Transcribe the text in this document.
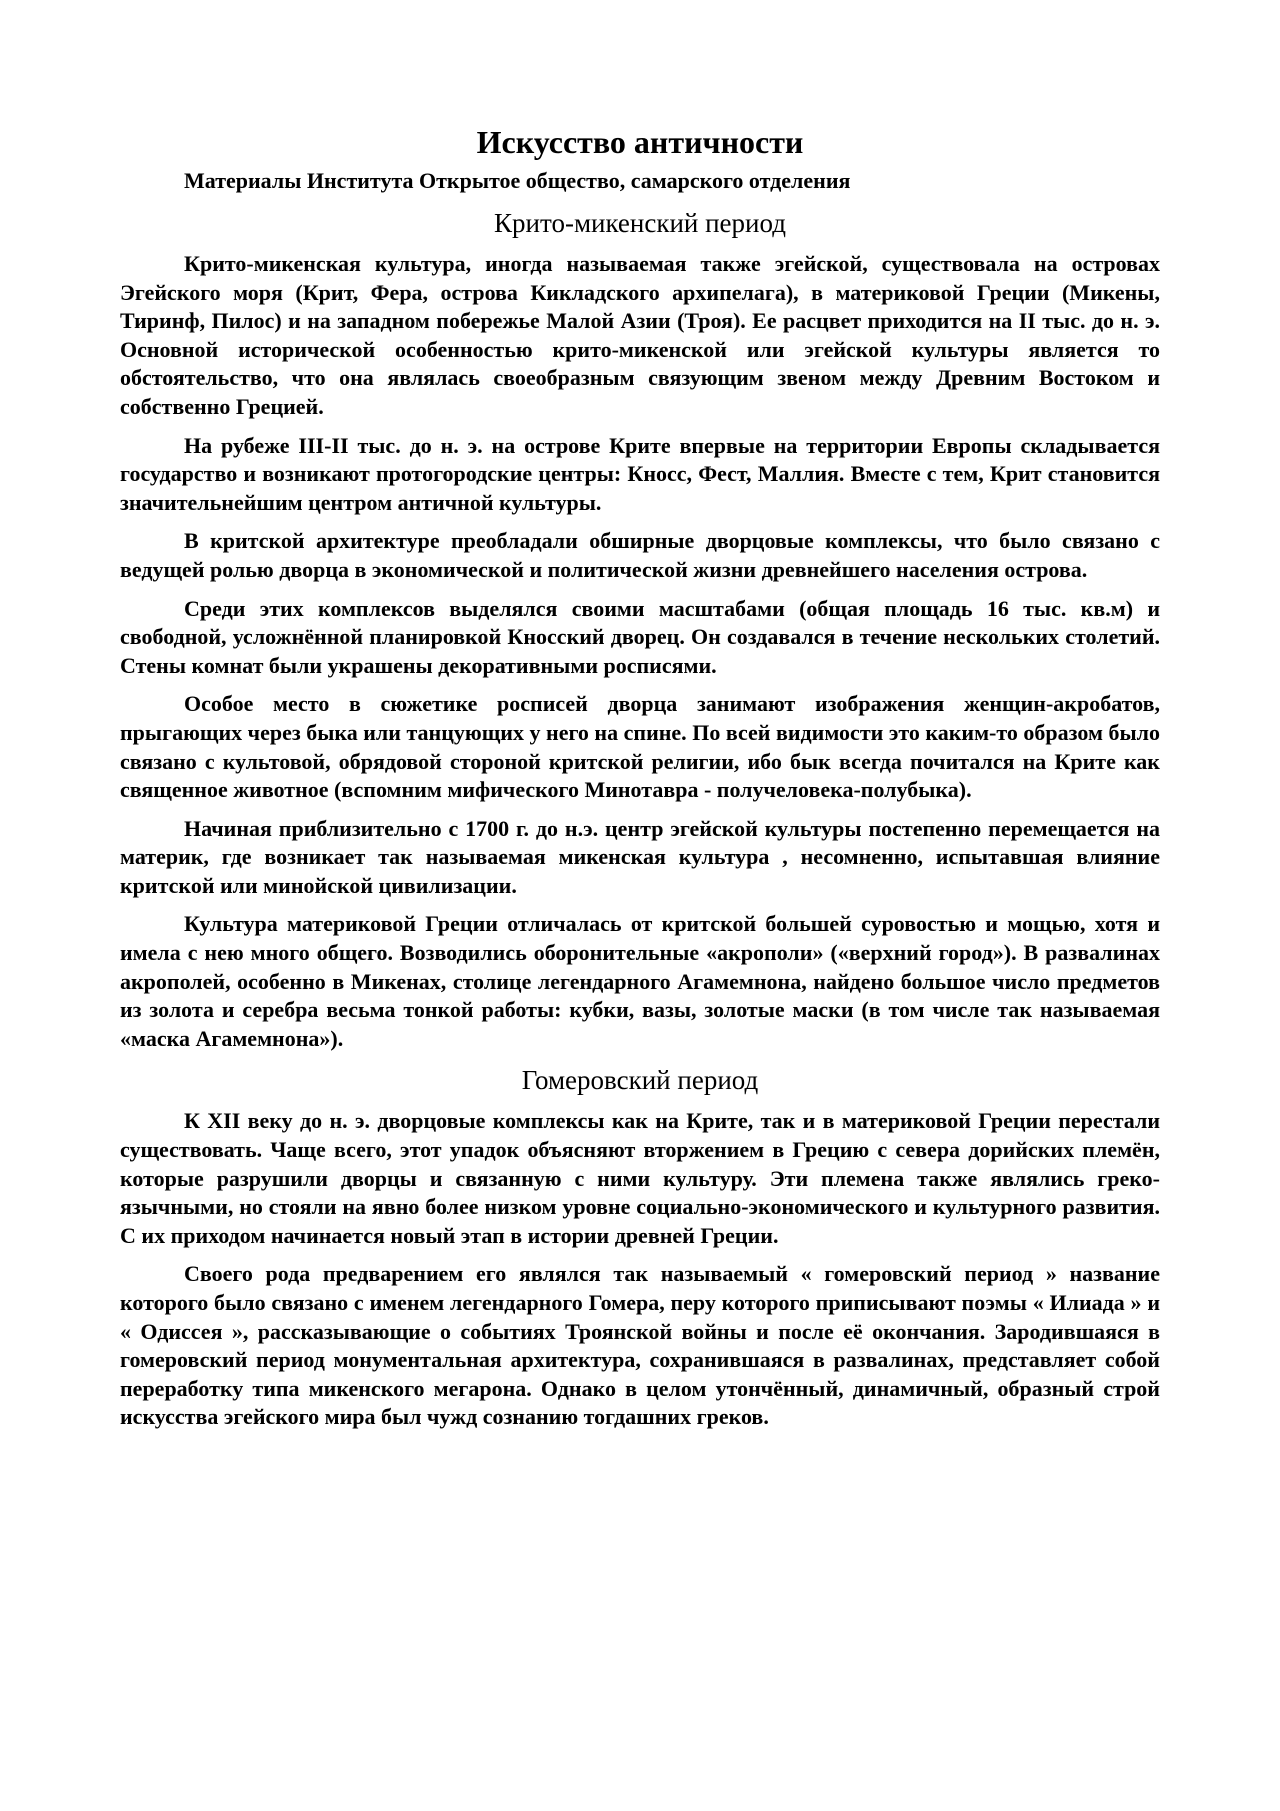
Искусство античности
Материалы Института Открытое общество, самарского отделения
Крито-микенский период

Крито-микенская культура, иногда называемая также эгейской, существовала на островах Эгейского моря (Крит, Фера, острова Кикладского архипелага), в материковой Греции (Микены, Тиринф, Пилос) и на западном побережье Малой Азии (Троя). Ее расцвет приходится на II тыс. до н. э. Основной исторической особенностью крито-микенской или эгейской культуры является то обстоятельство, что она являлась своеобразным связующим звеном между Древним Востоком и собственно Грецией.

На рубеже III-II тыс. до н. э. на острове Крите впервые на территории Европы складывается государство и возникают протогородские центры: Кносс, Фест, Маллия. Вместе с тем, Крит становится значительнейшим центром античной культуры.

В критской архитектуре преобладали обширные дворцовые комплексы, что было связано с ведущей ролью дворца в экономической и политической жизни древнейшего населения острова.

Среди этих комплексов выделялся своими масштабами (общая площадь 16 тыс. кв.м) и свободной, усложнённой планировкой Кносский дворец. Он создавался в течение нескольких столетий. Стены комнат были украшены декоративными росписями.

Особое место в сюжетике росписей дворца занимают изображения женщин-акробатов, прыгающих через быка или танцующих у него на спине. По всей видимости это каким-то образом было связано с культовой, обрядовой стороной критской религии, ибо бык всегда почитался на Крите как священное животное (вспомним мифического Минотавра - получеловека-полубыка).

Начиная приблизительно с 1700 г. до н.э. центр эгейской культуры постепенно перемещается на материк, где возникает так называемая микенская культура , несомненно, испытавшая влияние критской или минойской цивилизации.

Культура материковой Греции отличалась от критской большей суровостью и мощью, хотя и имела с нею много общего. Возводились оборонительные «акрополи» («верхний город»). В развалинах акрополей, особенно в Микенах, столице легендарного Агамемнона, найдено большое число предметов из золота и серебра весьма тонкой работы: кубки, вазы, золотые маски (в том числе так называемая «маска Агамемнона»).

Гомеровский период

К XII веку до н. э. дворцовые комплексы как на Крите, так и в материковой Греции перестали существовать. Чаще всего, этот упадок объясняют вторжением в Грецию с севера дорийских племён, которые разрушили дворцы и связанную с ними культуру. Эти племена также являлись греко-язычными, но стояли на явно более низком уровне социально-экономического и культурного развития. С их приходом начинается новый этап в истории древней Греции.

Своего рода предварением его являлся так называемый « гомеровский период » название которого было связано с именем легендарного Гомера, перу которого приписывают поэмы « Илиада » и « Одиссея », рассказывающие о событиях Троянской войны и после её окончания. Зародившаяся в гомеровский период монументальная архитектура, сохранившаяся в развалинах, представляет собой переработку типа микенского мегарона. Однако в целом утончённый, динамичный, образный строй искусства эгейского мира был чужд сознанию тогдашних греков.
